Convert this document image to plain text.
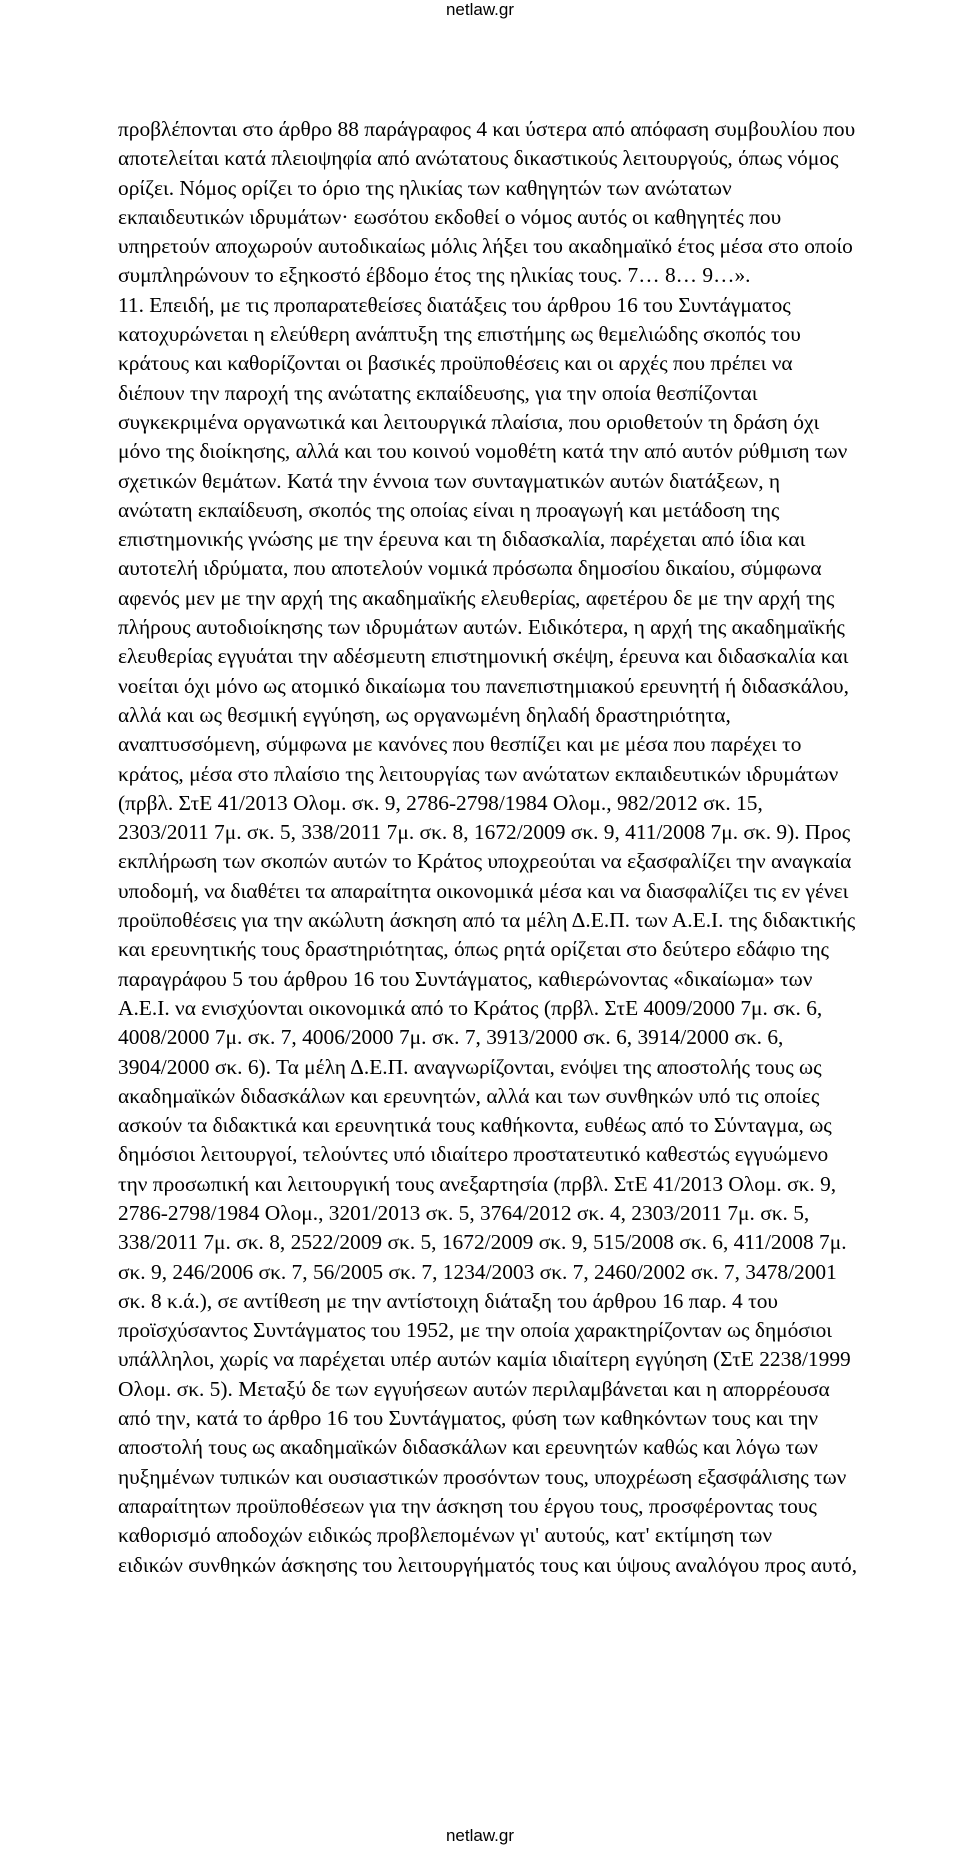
netlaw.gr

προβλέπονται στο άρθρο 88 παράγραφος 4 και ύστερα από απόφαση συμβουλίου που
αποτελείται κατά πλειοψηφία από ανώτατους δικαστικούς λειτουργούς, όπως νόμος
ορίζει. Νόμος ορίζει το όριο της ηλικίας των καθηγητών των ανώτατων
εκπαιδευτικών ιδρυμάτων· εωσότου εκδοθεί ο νόμος αυτός οι καθηγητές που
υπηρετούν αποχωρούν αυτοδικαίως μόλις λήξει του ακαδημαϊκό έτος μέσα στο οποίο
συμπληρώνουν το εξηκοστό έβδομο έτος της ηλικίας τους. 7… 8… 9…».

11. Επειδή, με τις προπαρατεθείσες διατάξεις του άρθρου 16 του Συντάγματος
κατοχυρώνεται η ελεύθερη ανάπτυξη της επιστήμης ως θεμελιώδης σκοπός του
κράτους και καθορίζονται οι βασικές προϋποθέσεις και οι αρχές που πρέπει να
διέπουν την παροχή της ανώτατης εκπαίδευσης, για την οποία θεσπίζονται
συγκεκριμένα οργανωτικά και λειτουργικά πλαίσια, που οριοθετούν τη δράση όχι
μόνο της διοίκησης, αλλά και του κοινού νομοθέτη κατά την από αυτόν ρύθμιση των
σχετικών θεμάτων. Κατά την έννοια των συνταγματικών αυτών διατάξεων, η
ανώτατη εκπαίδευση, σκοπός της οποίας είναι η προαγωγή και μετάδοση της
επιστημονικής γνώσης με την έρευνα και τη διδασκαλία, παρέχεται από ίδια και
αυτοτελή ιδρύματα, που αποτελούν νομικά πρόσωπα δημοσίου δικαίου, σύμφωνα
αφενός μεν με την αρχή της ακαδημαϊκής ελευθερίας, αφετέρου δε με την αρχή της
πλήρους αυτοδιοίκησης των ιδρυμάτων αυτών. Ειδικότερα, η αρχή της ακαδημαϊκής
ελευθερίας εγγυάται την αδέσμευτη επιστημονική σκέψη, έρευνα και διδασκαλία και
νοείται όχι μόνο ως ατομικό δικαίωμα του πανεπιστημιακού ερευνητή ή διδασκάλου,
αλλά και ως θεσμική εγγύηση, ως οργανωμένη δηλαδή δραστηριότητα,
αναπτυσσόμενη, σύμφωνα με κανόνες που θεσπίζει και με μέσα που παρέχει το
κράτος, μέσα στο πλαίσιο της λειτουργίας των ανώτατων εκπαιδευτικών ιδρυμάτων
(πρβλ. ΣτΕ 41/2013 Ολομ. σκ. 9, 2786-2798/1984 Ολομ., 982/2012 σκ. 15,
2303/2011 7μ. σκ. 5, 338/2011 7μ. σκ. 8, 1672/2009 σκ. 9, 411/2008 7μ. σκ. 9). Προς
εκπλήρωση των σκοπών αυτών το Κράτος υποχρεούται να εξασφαλίζει την αναγκαία
υποδομή, να διαθέτει τα απαραίτητα οικονομικά μέσα και να διασφαλίζει τις εν γένει
προϋποθέσεις για την ακώλυτη άσκηση από τα μέλη Δ.Ε.Π. των Α.Ε.Ι. της διδακτικής
και ερευνητικής τους δραστηριότητας, όπως ρητά ορίζεται στο δεύτερο εδάφιο της
παραγράφου 5 του άρθρου 16 του Συντάγματος, καθιερώνοντας «δικαίωμα» των
Α.Ε.Ι. να ενισχύονται οικονομικά από το Κράτος (πρβλ. ΣτΕ 4009/2000 7μ. σκ. 6,
4008/2000 7μ. σκ. 7, 4006/2000 7μ. σκ. 7, 3913/2000 σκ. 6, 3914/2000 σκ. 6,
3904/2000 σκ. 6). Τα μέλη Δ.Ε.Π. αναγνωρίζονται, ενόψει της αποστολής τους ως
ακαδημαϊκών διδασκάλων και ερευνητών, αλλά και των συνθηκών υπό τις οποίες
ασκούν τα διδακτικά και ερευνητικά τους καθήκοντα, ευθέως από το Σύνταγμα, ως
δημόσιοι λειτουργοί, τελούντες υπό ιδιαίτερο προστατευτικό καθεστώς εγγυώμενο
την προσωπική και λειτουργική τους ανεξαρτησία (πρβλ. ΣτΕ 41/2013 Ολομ. σκ. 9,
2786-2798/1984 Ολομ., 3201/2013 σκ. 5, 3764/2012 σκ. 4, 2303/2011 7μ. σκ. 5,
338/2011 7μ. σκ. 8, 2522/2009 σκ. 5, 1672/2009 σκ. 9, 515/2008 σκ. 6, 411/2008 7μ.
σκ. 9, 246/2006 σκ. 7, 56/2005 σκ. 7, 1234/2003 σκ. 7, 2460/2002 σκ. 7, 3478/2001
σκ. 8 κ.ά.), σε αντίθεση με την αντίστοιχη διάταξη του άρθρου 16 παρ. 4 του
προϊσχύσαντος Συντάγματος του 1952, με την οποία χαρακτηρίζονταν ως δημόσιοι
υπάλληλοι, χωρίς να παρέχεται υπέρ αυτών καμία ιδιαίτερη εγγύηση (ΣτΕ 2238/1999
Ολομ. σκ. 5). Μεταξύ δε των εγγυήσεων αυτών περιλαμβάνεται και η απορρέουσα
από την, κατά το άρθρο 16 του Συντάγματος, φύση των καθηκόντων τους και την
αποστολή τους ως ακαδημαϊκών διδασκάλων και ερευνητών καθώς και λόγω των
ηυξημένων τυπικών και ουσιαστικών προσόντων τους, υποχρέωση εξασφάλισης των
απαραίτητων προϋποθέσεων για την άσκηση του έργου τους, προσφέροντας τους
καθορισμό αποδοχών ειδικώς προβλεπομένων γι' αυτούς, κατ' εκτίμηση των
ειδικών συνθηκών άσκησης του λειτουργήματός τους και ύψους αναλόγου προς αυτό,

netlaw.gr
